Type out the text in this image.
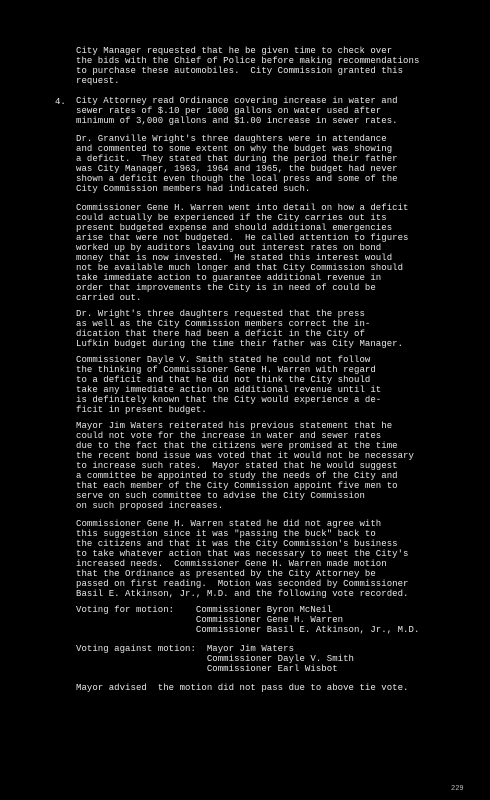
4.
City Manager requested that he be given time to check over
the bids with the Chief of Police before making recommendations
to purchase these automobiles.  City Commission granted this
request.
City Attorney read Ordinance covering increase in water and
sewer rates of $.10 per 1000 gallons on water used after
minimum of 3,000 gallons and $1.00 increase in sewer rates.
Dr. Granville Wright's three daughters were in attendance
and commented to some extent on why the budget was showing
a deficit.  They stated that during the period their father
was City Manager, 1963, 1964 and 1965, the budget had never
shown a deficit even though the local press and some of the
City Commission members had indicated such.
Commissioner Gene H. Warren went into detail on how a deficit
could actually be experienced if the City carries out its
present budgeted expense and should additional emergencies
arise that were not budgeted.  He called attention to figures
worked up by auditors leaving out interest rates on bond
money that is now invested.  He stated this interest would
not be available much longer and that City Commission should
take immediate action to guarantee additional revenue in
order that improvements the City is in need of could be
carried out.
Dr. Wright's three daughters requested that the press
as well as the City Commission members correct the in-
dication that there had been a deficit in the City of
Lufkin budget during the time their father was City Manager.
Commissioner Dayle V. Smith stated he could not follow
the thinking of Commissioner Gene H. Warren with regard
to a deficit and that he did not think the City should
take any immediate action on additional revenue until it
is definitely known that the City would experience a de-
ficit in present budget.
Mayor Jim Waters reiterated his previous statement that he
could not vote for the increase in water and sewer rates
due to the fact that the citizens were promised at the time
the recent bond issue was voted that it would not be necessary
to increase such rates.  Mayor stated that he would suggest
a committee be appointed to study the needs of the City and
that each member of the City Commission appoint five men to
serve on such committee to advise the City Commission
on such proposed increases.
Commissioner Gene H. Warren stated he did not agree with
this suggestion since it was "passing the buck" back to
the citizens and that it was the City Commission's business
to take whatever action that was necessary to meet the City's
increased needs.  Commissioner Gene H. Warren made motion
that the Ordinance as presented by the City Attorney be
passed on first reading.  Motion was seconded by Commissioner
Basil E. Atkinson, Jr., M.D. and the following vote recorded.
Voting for motion:    Commissioner Byron McNeil
Commissioner Gene H. Warren
Commissioner Basil E. Atkinson, Jr., M.D.
Voting against motion:  Mayor Jim Waters
Commissioner Dayle V. Smith
Commissioner Earl Wisbot
Mayor advised  the motion did not pass due to above tie vote.
229
